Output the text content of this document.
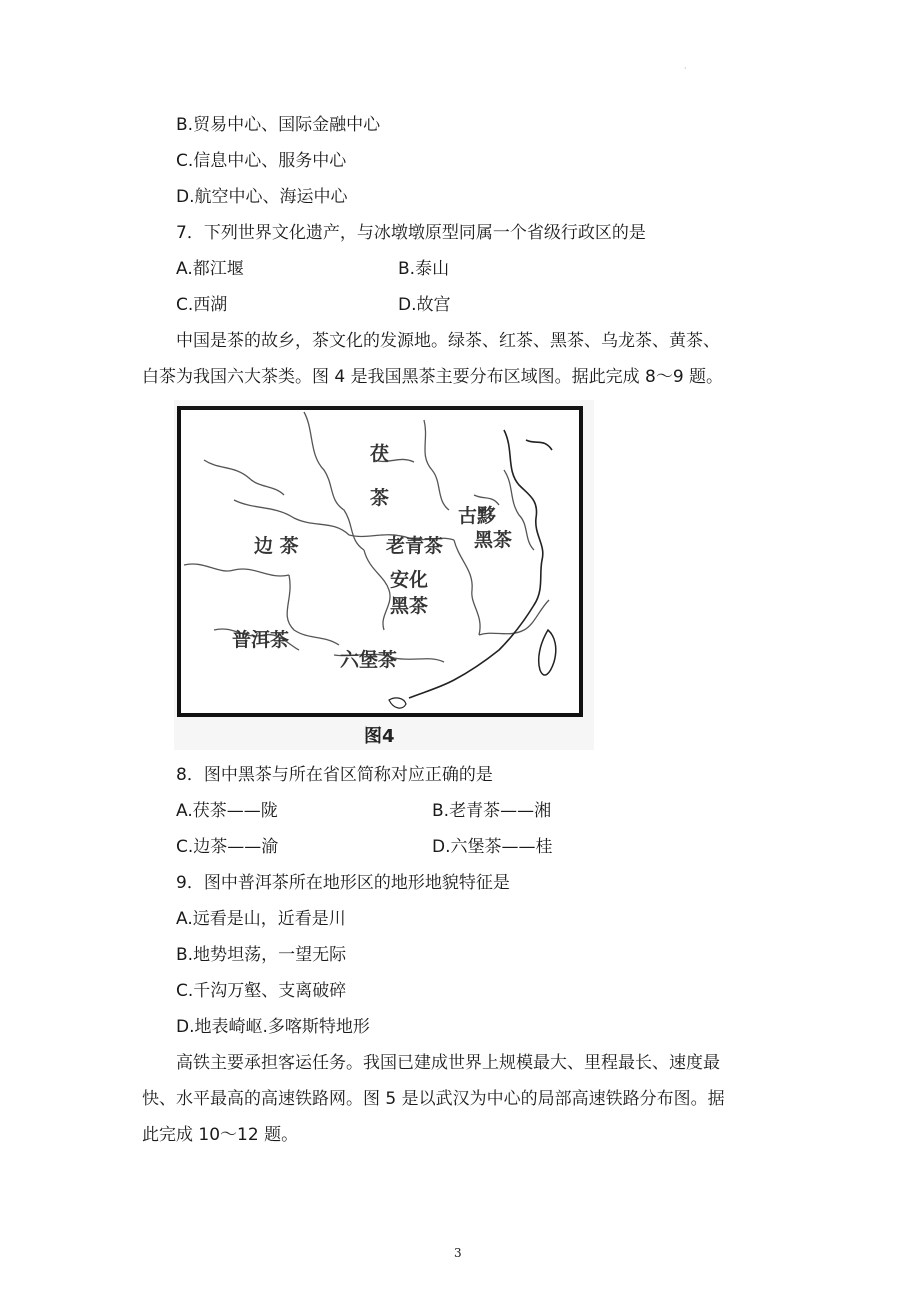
·
B.贸易中心、国际金融中心
C.信息中心、服务中心
D.航空中心、海运中心
7．下列世界文化遗产，与冰墩墩原型同属一个省级行政区的是
A.都江堰	B.泰山
C.西湖	D.故宫
中国是茶的故乡，茶文化的发源地。绿茶、红茶、黑茶、乌龙茶、黄茶、
白茶为我国六大茶类。图 4 是我国黑茶主要分布区域图。据此完成 8～9 题。
茯
茶
边 茶	老青茶
古黟
黑茶
安化
黑茶
普洱茶
六堡茶
图4
8．图中黑茶与所在省区简称对应正确的是
A.茯茶——陇	B.老青茶——湘
C.边茶——渝	D.六堡茶——桂
9．图中普洱茶所在地形区的地形地貌特征是
A.远看是山，近看是川
B.地势坦荡，一望无际
C.千沟万壑、支离破碎
D.地表崎岖.多喀斯特地形
高铁主要承担客运任务。我国已建成世界上规模最大、里程最长、速度最
快、水平最高的高速铁路网。图 5 是以武汉为中心的局部高速铁路分布图。据
此完成 10～12 题。
3
